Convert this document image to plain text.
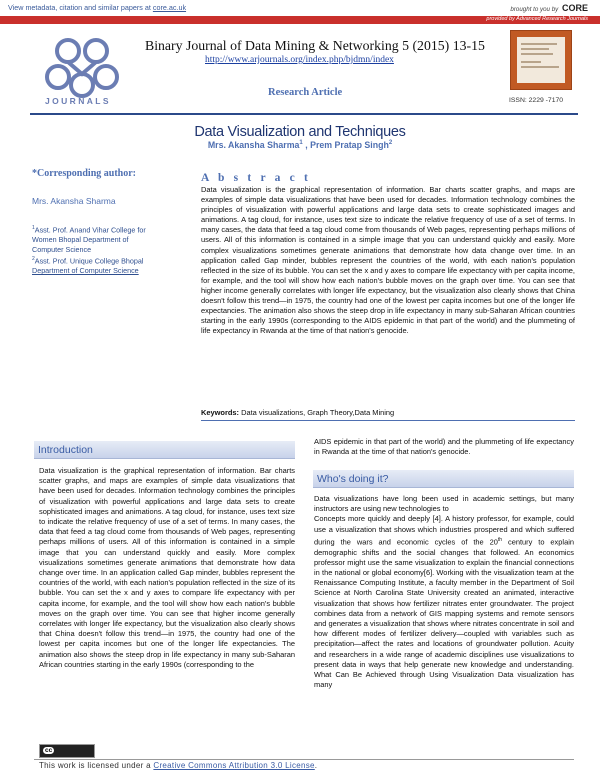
View metadata, citation and similar papers at core.ac.uk	brought to you by CORE
provided by Advanced Research Journals
JOURNALS
Binary Journal of Data Mining & Networking 5 (2015) 13-15
http://www.arjournals.org/index.php/bjdmn/index
Research Article
ISSN: 2229 -7170
Data Visualization and Techniques
Mrs. Akansha Sharma$^1$ , Prem Pratap Singh$^2$
*Corresponding author:
Mrs. Akansha Sharma
$^1$Asst. Prof. Anand Vihar College for
Women Bhopal Department of
Computer Science
$^2$Asst. Prof. Unique College Bhopal
Department of Computer Science
A b s t r a c t
Data visualization is the graphical representation of information. Bar charts scatter graphs, and maps are examples of simple data visualizations that have been used for decades. Information technology combines the principles of visualization with powerful applications and large data sets to create sophisticated images and animations. A tag cloud, for instance, uses text size to indicate the relative frequency of use of a set of terms. In many cases, the data that feed a tag cloud come from thousands of Web pages, representing perhaps millions of users. All of this information is contained in a simple image that you can understand quickly and easily. More complex visualizations sometimes generate animations that demonstrate how data change over time. In an application called Gap minder, bubbles represent the countries of the world, with each nation's population reflected in the size of its bubble. You can set the x and y axes to compare life expectancy with per capita income, for example, and the tool will show how each nation's bubble moves on the graph over time. You can see that higher income generally correlates with longer life expectancy, but the visualization also clearly shows that China doesn't follow this trend—in 1975, the country had one of the lowest per capita incomes but one of the longer life expectancies. The animation also shows the steep drop in life expectancy in many sub-Saharan African countries starting in the early 1990s (corresponding to the AIDS epidemic in that part of the world) and the plummeting of life expectancy in Rwanda at the time of that nation's genocide.
Keywords: Data visualizations, Graph Theory,Data Mining
Introduction
Data visualization is the graphical representation of information. Bar charts scatter graphs, and maps are examples of simple data visualizations that have been used for decades. Information technology combines the principles of visualization with powerful applications and large data sets to create sophisticated images and animations. A tag cloud, for instance, uses text size to indicate the relative frequency of use of a set of terms. In many cases, the data that feed a tag cloud come from thousands of Web pages, representing perhaps millions of users. All of this information is contained in a simple image that you can understand quickly and easily. More complex visualizations sometimes generate animations that demonstrate how data change over time. In an application called Gap minder, bubbles represent the countries of the world, with each nation's population reflected in the size of its bubble. You can set the x and y axes to compare life expectancy with per capita income, for example, and the tool will show how each nation's bubble moves on the graph over time. You can see that higher income generally correlates with longer life expectancy, but the visualization also clearly shows that China doesn't follow this trend—in 1975, the country had one of the lowest per capita incomes but one of the longer life expectancies. The animation also shows the steep drop in life expectancy in many sub-Saharan African countries starting in the early 1990s (corresponding to the
AIDS epidemic in that part of the world) and the plummeting of life expectancy in Rwanda at the time of that nation's genocide.
Who's doing it?

Data visualizations have long been used in academic settings, but many instructors are using new technologies to

Concepts more quickly and deeply [4]. A history professor, for example, could use a visualization that shows which industries prospered and which suffered during the wars and economic cycles of the 20th century to explain demographic shifts and the social changes that followed. An economics professor might use the same visualization to explain the financial connections in the national or global economy[6]. Working with the visualization team at the Renaissance Computing Institute, a faculty member in the Department of Soil Science at North Carolina State University created an animated, interactive visualization that shows how fertilizer nitrates enter groundwater. The project combines data from a network of GIS mapping systems and remote sensors and generates a visualization that shows where nitrates concentrate in soil and how different modes of fertilizer delivery—coupled with variables such as precipitation—affect the rates and locations of groundwater pollution. Acuity and researchers in a wide range of academic disciplines use visualizations to present data in ways that help generate new knowledge and understanding. What Can Be Achieved through Using Visualization Data visualization has many

cc
This work is licensed under a Creative Commons Attribution 3.0 License.
